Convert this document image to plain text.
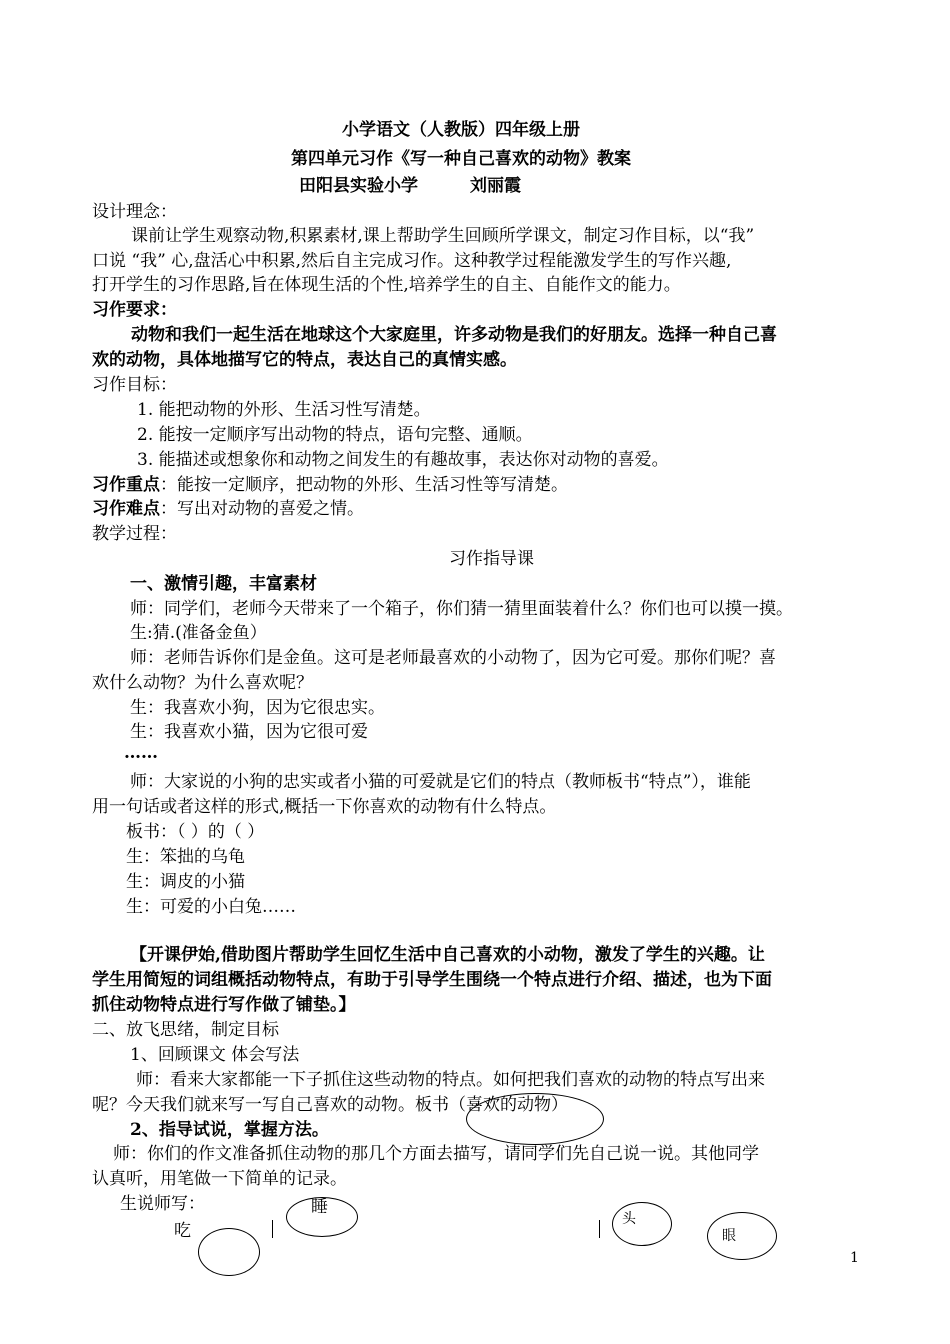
小学语文（人教版）四年级上册
第四单元习作《写一种自己喜欢的动物》教案
田阳县实验小学	刘丽霞
设计理念：
课前让学生观察动物,积累素材,课上帮助学生回顾所学课文，制定习作目标，以“我”
口说 “我” 心,盘活心中积累,然后自主完成习作。这种教学过程能激发学生的写作兴趣,
打开学生的习作思路,旨在体现生活的个性,培养学生的自主、自能作文的能力。
习作要求：
动物和我们一起生活在地球这个大家庭里，许多动物是我们的好朋友。选择一种自己喜
欢的动物，具体地描写它的特点，表达自己的真情实感。
习作目标：
1. 能把动物的外形、生活习性写清楚。
2. 能按一定顺序写出动物的特点，语句完整、通顺。
3. 能描述或想象你和动物之间发生的有趣故事，表达你对动物的喜爱。
习作重点：能按一定顺序，把动物的外形、生活习性等写清楚。
习作难点：写出对动物的喜爱之情。
教学过程：
习作指导课
一、激情引趣，丰富素材
师：同学们，老师今天带来了一个箱子，你们猜一猜里面装着什么？你们也可以摸一摸。
生:猜.(准备金鱼）
师：老师告诉你们是金鱼。这可是老师最喜欢的小动物了，因为它可爱。那你们呢？喜
欢什么动物？为什么喜欢呢？
生：我喜欢小狗，因为它很忠实。
生：我喜欢小猫，因为它很可爱
……
师：大家说的小狗的忠实或者小猫的可爱就是它们的特点（教师板书“特点”），谁能
用一句话或者这样的形式,概括一下你喜欢的动物有什么特点。
板书：（ ）的（ ）
生：笨拙的乌龟
生：调皮的小猫
生：可爱的小白兔……
【开课伊始,借助图片帮助学生回忆生活中自己喜欢的小动物，激发了学生的兴趣。让
学生用简短的词组概括动物特点，有助于引导学生围绕一个特点进行介绍、描述，也为下面
抓住动物特点进行写作做了铺垫。】
二、放飞思绪，制定目标
1、回顾课文 体会写法
师：看来大家都能一下子抓住这些动物的特点。如何把我们喜欢的动物的特点写出来
呢？今天我们就来写一写自己喜欢的动物。板书（喜欢的动物）
2、指导试说，掌握方法。
师：你们的作文准备抓住动物的那几个方面去描写，请同学们先自己说一说。其他同学
认真听，用笔做一下简单的记录。
生说师写：	睡
吃
头
眼
1
